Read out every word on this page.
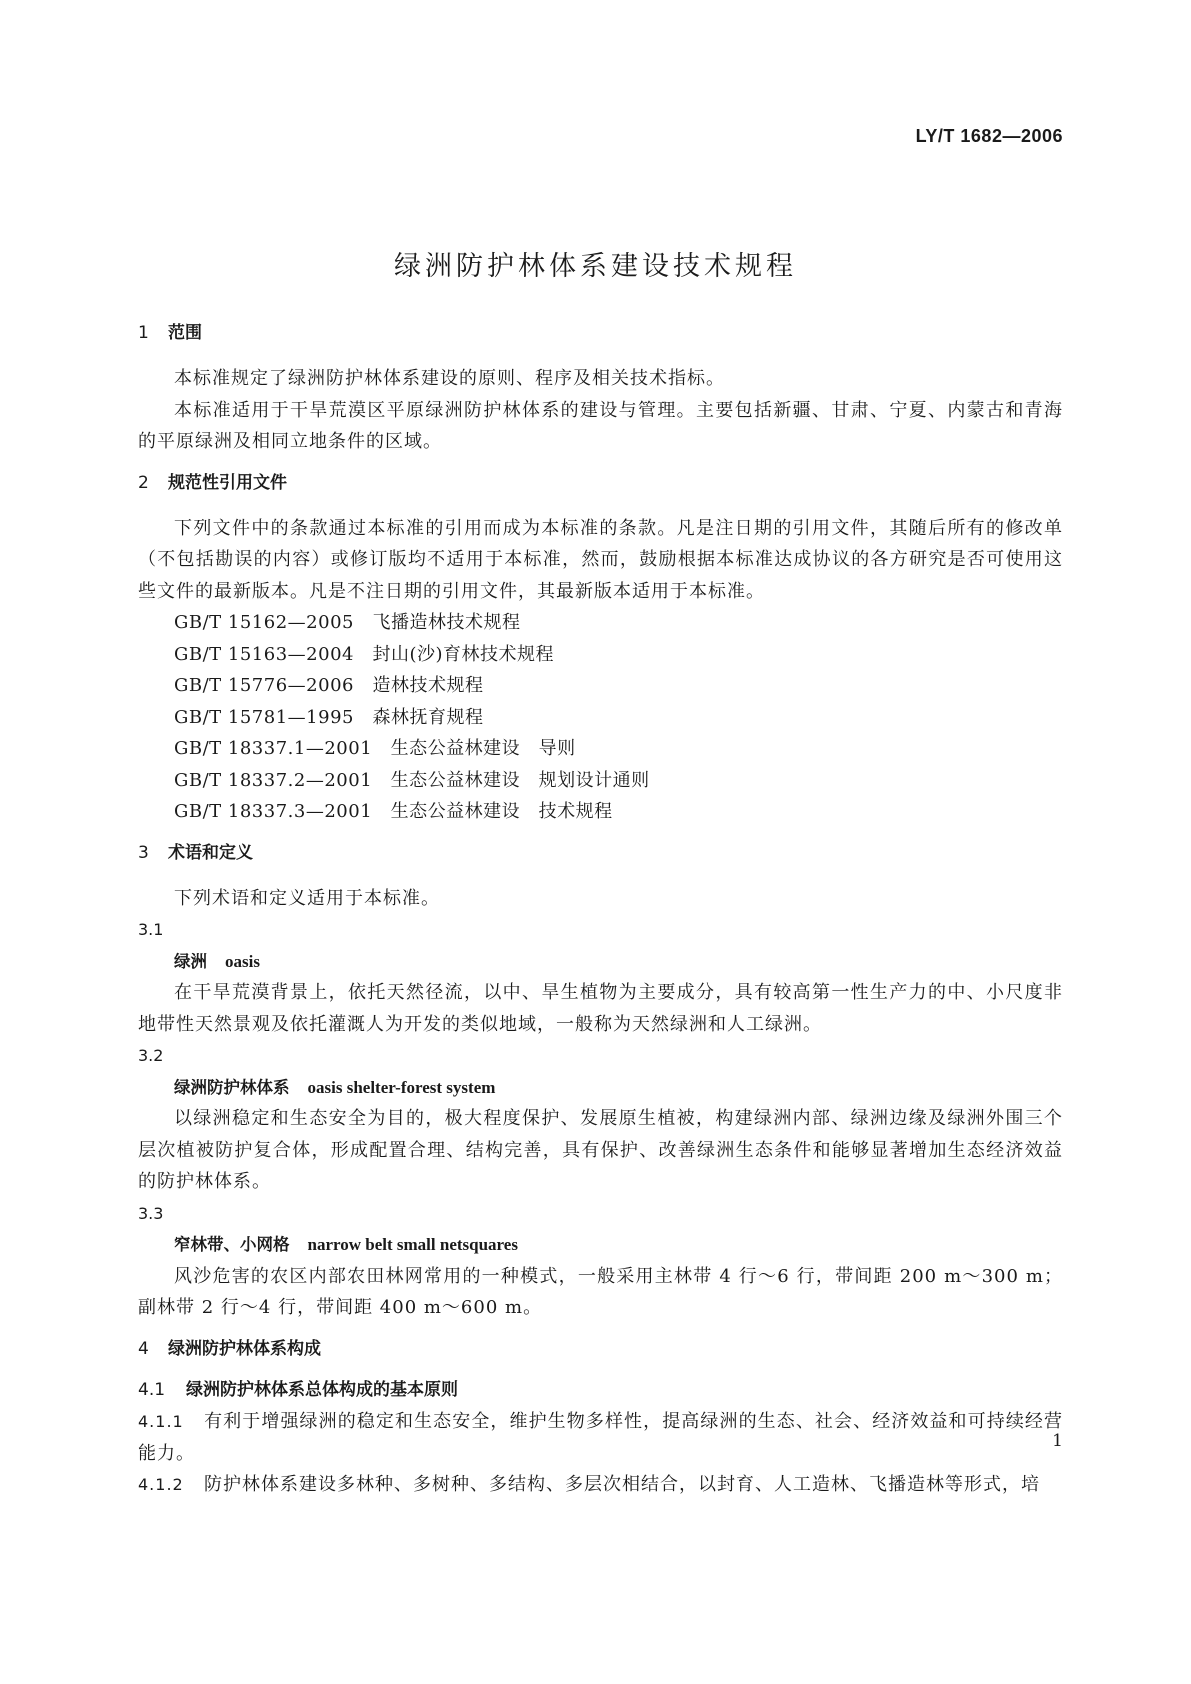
LY/T 1682—2006
绿洲防护林体系建设技术规程
1 范围

本标准规定了绿洲防护林体系建设的原则、程序及相关技术指标。

本标准适用于干旱荒漠区平原绿洲防护林体系的建设与管理。主要包括新疆、甘肃、宁夏、内蒙古和青海的平原绿洲及相同立地条件的区域。

2 规范性引用文件

下列文件中的条款通过本标准的引用而成为本标准的条款。凡是注日期的引用文件，其随后所有的修改单（不包括勘误的内容）或修订版均不适用于本标准，然而，鼓励根据本标准达成协议的各方研究是否可使用这些文件的最新版本。凡是不注日期的引用文件，其最新版本适用于本标准。

GB/T 15162—2005　 飞播造林技术规程
GB/T 15163—2004　 封山(沙)育林技术规程
GB/T 15776—2006　 造林技术规程
GB/T 15781—1995　 森林抚育规程
GB/T 18337.1—2001　 生态公益林建设　导则
GB/T 18337.2—2001　 生态公益林建设　规划设计通则
GB/T 18337.3—2001　 生态公益林建设　技术规程
3 术语和定义

下列术语和定义适用于本标准。

3.1
绿洲 oasis

在干旱荒漠背景上，依托天然径流，以中、旱生植物为主要成分，具有较高第一性生产力的中、小尺度非地带性天然景观及依托灌溉人为开发的类似地域，一般称为天然绿洲和人工绿洲。

3.2
绿洲防护林体系 oasis shelter-forest system

以绿洲稳定和生态安全为目的，极大程度保护、发展原生植被，构建绿洲内部、绿洲边缘及绿洲外围三个层次植被防护复合体，形成配置合理、结构完善，具有保护、改善绿洲生态条件和能够显著增加生态经济效益的防护林体系。

3.3
窄林带、小网格 narrow belt small netsquares

风沙危害的农区内部农田林网常用的一种模式，一般采用主林带 4 行～6 行，带间距 200 m～300 m；副林带 2 行～4 行，带间距 400 m～600 m。

4 绿洲防护林体系构成
4.1 绿洲防护林体系总体构成的基本原则

4.1.1 有利于增强绿洲的稳定和生态安全，维护生物多样性，提高绿洲的生态、社会、经济效益和可持续经营能力。

4.1.2 防护林体系建设多林种、多树种、多结构、多层次相结合，以封育、人工造林、飞播造林等形式，培

1
